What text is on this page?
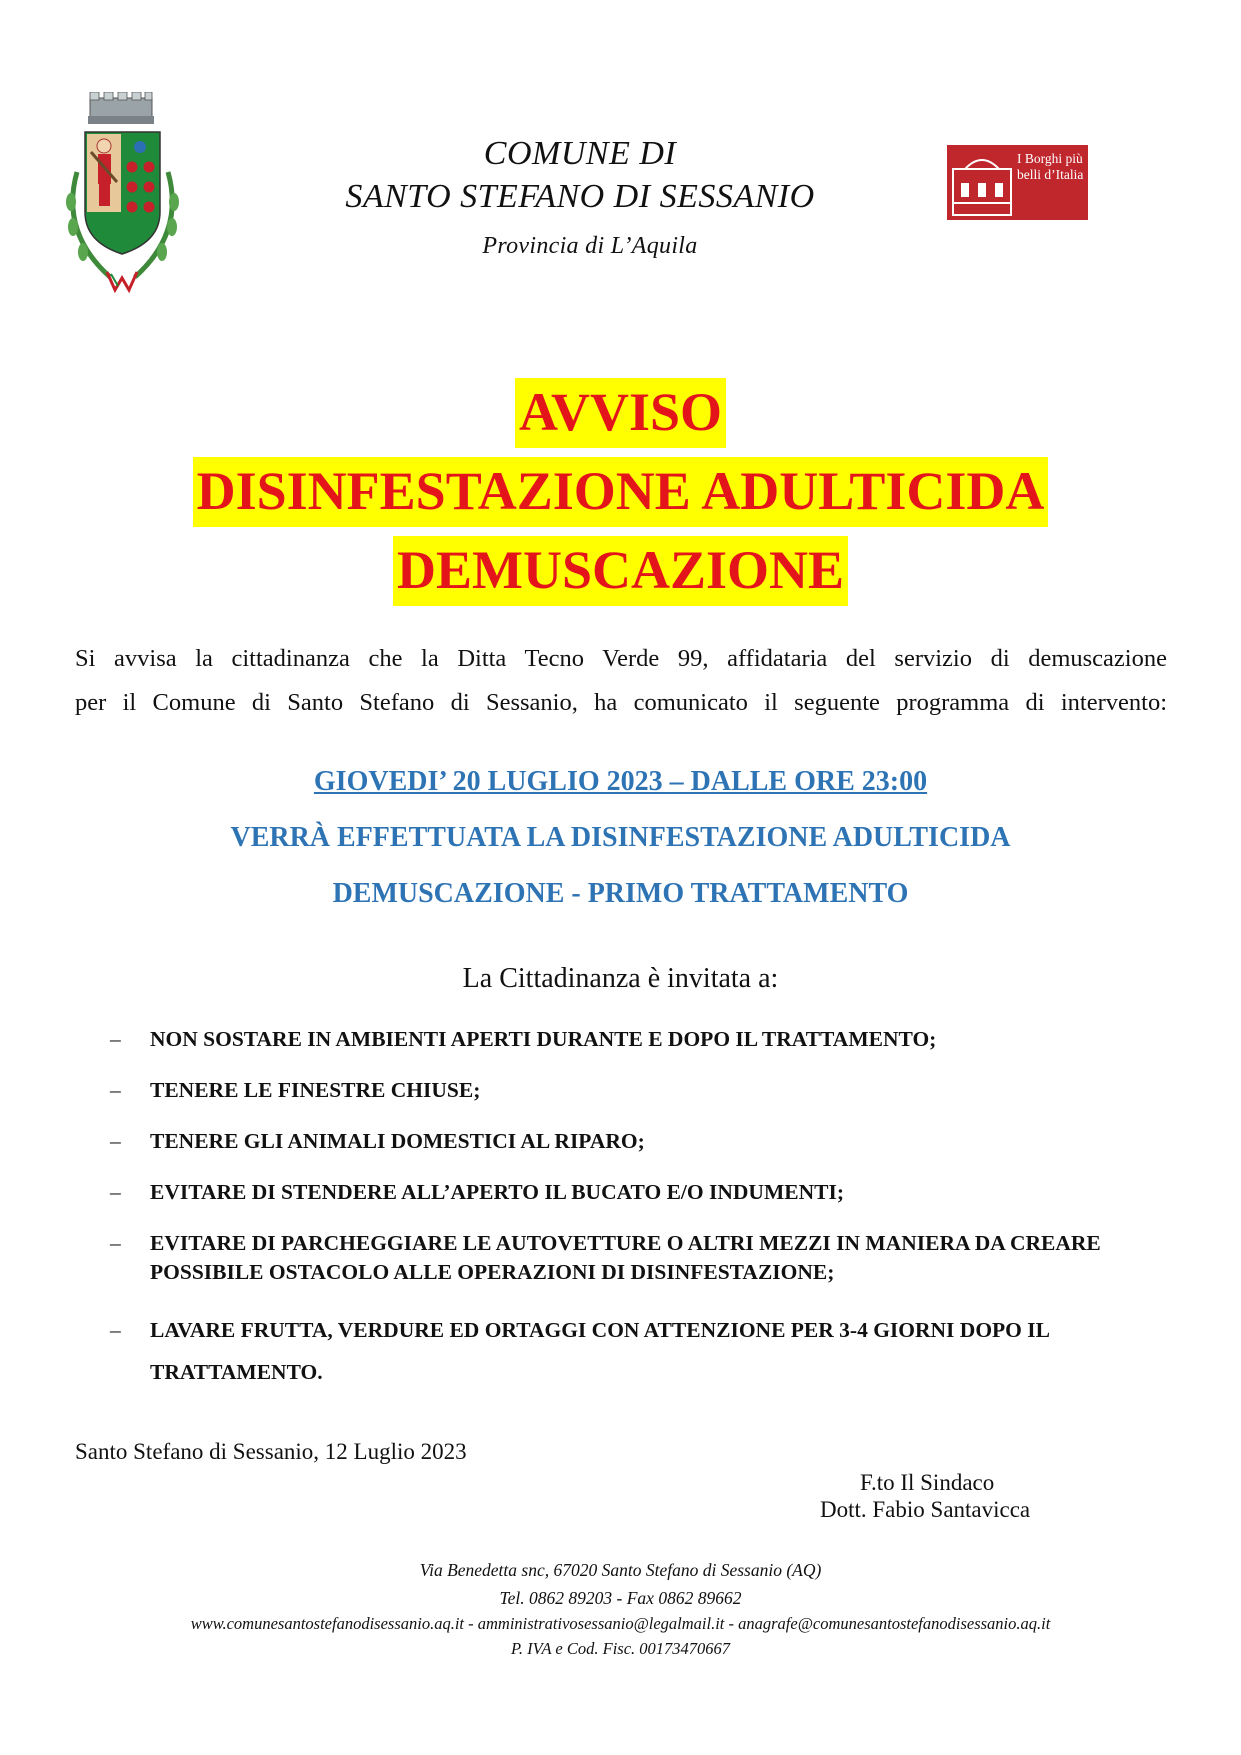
COMUNE DI
SANTO STEFANO DI SESSANIO
Provincia di L’Aquila
I Borghi più belli d’Italia
AVVISO
DISINFESTAZIONE ADULTICIDA
DEMUSCAZIONE

Si avvisa la cittadinanza che la Ditta Tecno Verde 99, affidataria del servizio di demuscazione

per il Comune di Santo Stefano di Sessanio, ha comunicato il seguente programma di intervento:

GIOVEDI’ 20 LUGLIO 2023 – DALLE ORE 23:00
VERRÀ EFFETTUATA LA DISINFESTAZIONE ADULTICIDA
DEMUSCAZIONE - PRIMO TRATTAMENTO
La Cittadinanza è invitata a:
– NON SOSTARE IN AMBIENTI APERTI DURANTE E DOPO IL TRATTAMENTO;
– TENERE LE FINESTRE CHIUSE;
– TENERE GLI ANIMALI DOMESTICI AL RIPARO;
– EVITARE DI STENDERE ALL’APERTO IL BUCATO E/O INDUMENTI;
– EVITARE DI PARCHEGGIARE LE AUTOVETTURE O ALTRI MEZZI IN MANIERA DA CREARE POSSIBILE OSTACOLO ALLE OPERAZIONI DI DISINFESTAZIONE;
– LAVARE FRUTTA, VERDURE ED ORTAGGI CON ATTENZIONE PER 3-4 GIORNI DOPO IL TRATTAMENTO.
Santo Stefano di Sessanio, 12 Luglio 2023
F.to Il Sindaco
Dott. Fabio Santavicca
Via Benedetta snc, 67020 Santo Stefano di Sessanio (AQ)
Tel. 0862 89203 - Fax 0862 89662
www.comunesantostefanodisessanio.aq.it - amministrativosessanio@legalmail.it - anagrafe@comunesantostefanodisessanio.aq.it
P. IVA e Cod. Fisc. 00173470667
